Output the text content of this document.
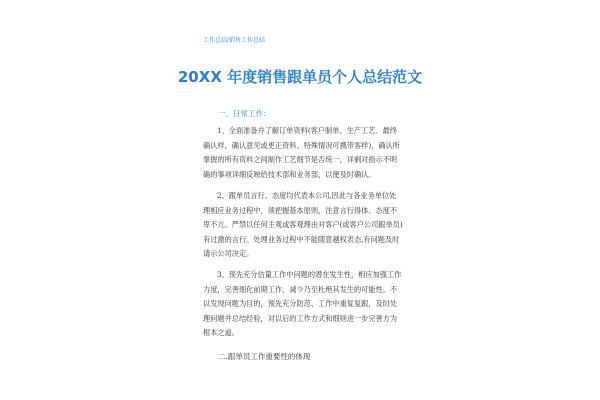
工作总结/销售工作总结
20XX 年度销售跟单员个人总结范文
一、日常工作：

1、全面准备并了解订单资料(客户制单、生产工艺、最终
确认样，确认意见或更正资料、特殊情况可携带客样)，确认所
掌握的所有资料之间制作工艺细节是否统一，详剩对指示不明
确的事项详细反映给技术部和业务部，以便及时确认。

2、跟单员言行、态度均代表本公司,因此与各业务单位处
理相应业务过程中，须把握基本原则，注意言行得体、态度不
卑不亢。严禁以任何主观或客观理由对客户(或客户公司跟单员)
有过激的言行。处理业务过程中不能随意越权表态,有问题及时
请示公司决定。

3、预先充分估量工作中问题的潜在发生性，相应加强工作
力度，完善细化前期工作，减少乃至杜绝其发生的可能性。不
以发现问题为目的，预先充分防范、工作中重复复跟，及时处
理问题并总结经验，对以后的工作方式和细则进一步完善方为
根本之道。

二.跟单员工作重要性的体现
